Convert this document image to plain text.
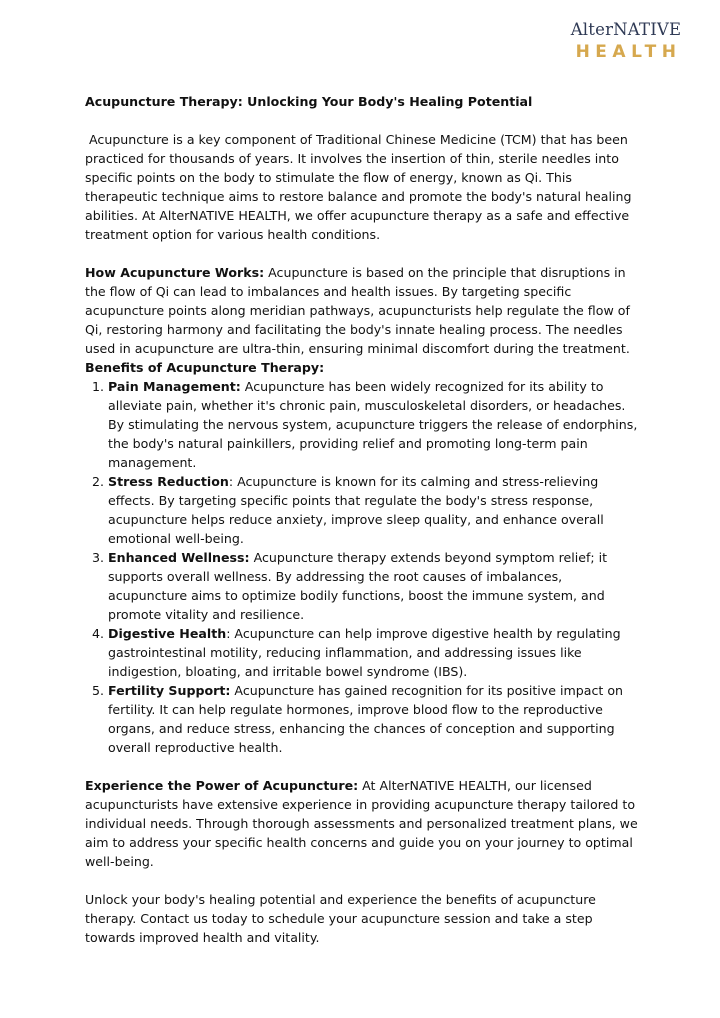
AlterNATIVE
HEALTH

Acupuncture Therapy: Unlocking Your Body's Healing Potential

Acupuncture is a key component of Traditional Chinese Medicine (TCM) that has been practiced for thousands of years. It involves the insertion of thin, sterile needles into specific points on the body to stimulate the flow of energy, known as Qi. This therapeutic technique aims to restore balance and promote the body's natural healing abilities. At AlterNATIVE HEALTH, we offer acupuncture therapy as a safe and effective treatment option for various health conditions.

How Acupuncture Works: Acupuncture is based on the principle that disruptions in the flow of Qi can lead to imbalances and health issues. By targeting specific acupuncture points along meridian pathways, acupuncturists help regulate the flow of Qi, restoring harmony and facilitating the body's innate healing process. The needles used in acupuncture are ultra-thin, ensuring minimal discomfort during the treatment.

Benefits of Acupuncture Therapy:

1. Pain Management: Acupuncture has been widely recognized for its ability to alleviate pain, whether it's chronic pain, musculoskeletal disorders, or headaches. By stimulating the nervous system, acupuncture triggers the release of endorphins, the body's natural painkillers, providing relief and promoting long-term pain management.
2. Stress Reduction: Acupuncture is known for its calming and stress-relieving effects. By targeting specific points that regulate the body's stress response, acupuncture helps reduce anxiety, improve sleep quality, and enhance overall emotional well-being.
3. Enhanced Wellness: Acupuncture therapy extends beyond symptom relief; it supports overall wellness. By addressing the root causes of imbalances, acupuncture aims to optimize bodily functions, boost the immune system, and promote vitality and resilience.
4. Digestive Health: Acupuncture can help improve digestive health by regulating gastrointestinal motility, reducing inflammation, and addressing issues like indigestion, bloating, and irritable bowel syndrome (IBS).
5. Fertility Support: Acupuncture has gained recognition for its positive impact on fertility. It can help regulate hormones, improve blood flow to the reproductive organs, and reduce stress, enhancing the chances of conception and supporting overall reproductive health.

Experience the Power of Acupuncture: At AlterNATIVE HEALTH, our licensed acupuncturists have extensive experience in providing acupuncture therapy tailored to individual needs. Through thorough assessments and personalized treatment plans, we aim to address your specific health concerns and guide you on your journey to optimal well-being.

Unlock your body's healing potential and experience the benefits of acupuncture therapy. Contact us today to schedule your acupuncture session and take a step towards improved health and vitality.
